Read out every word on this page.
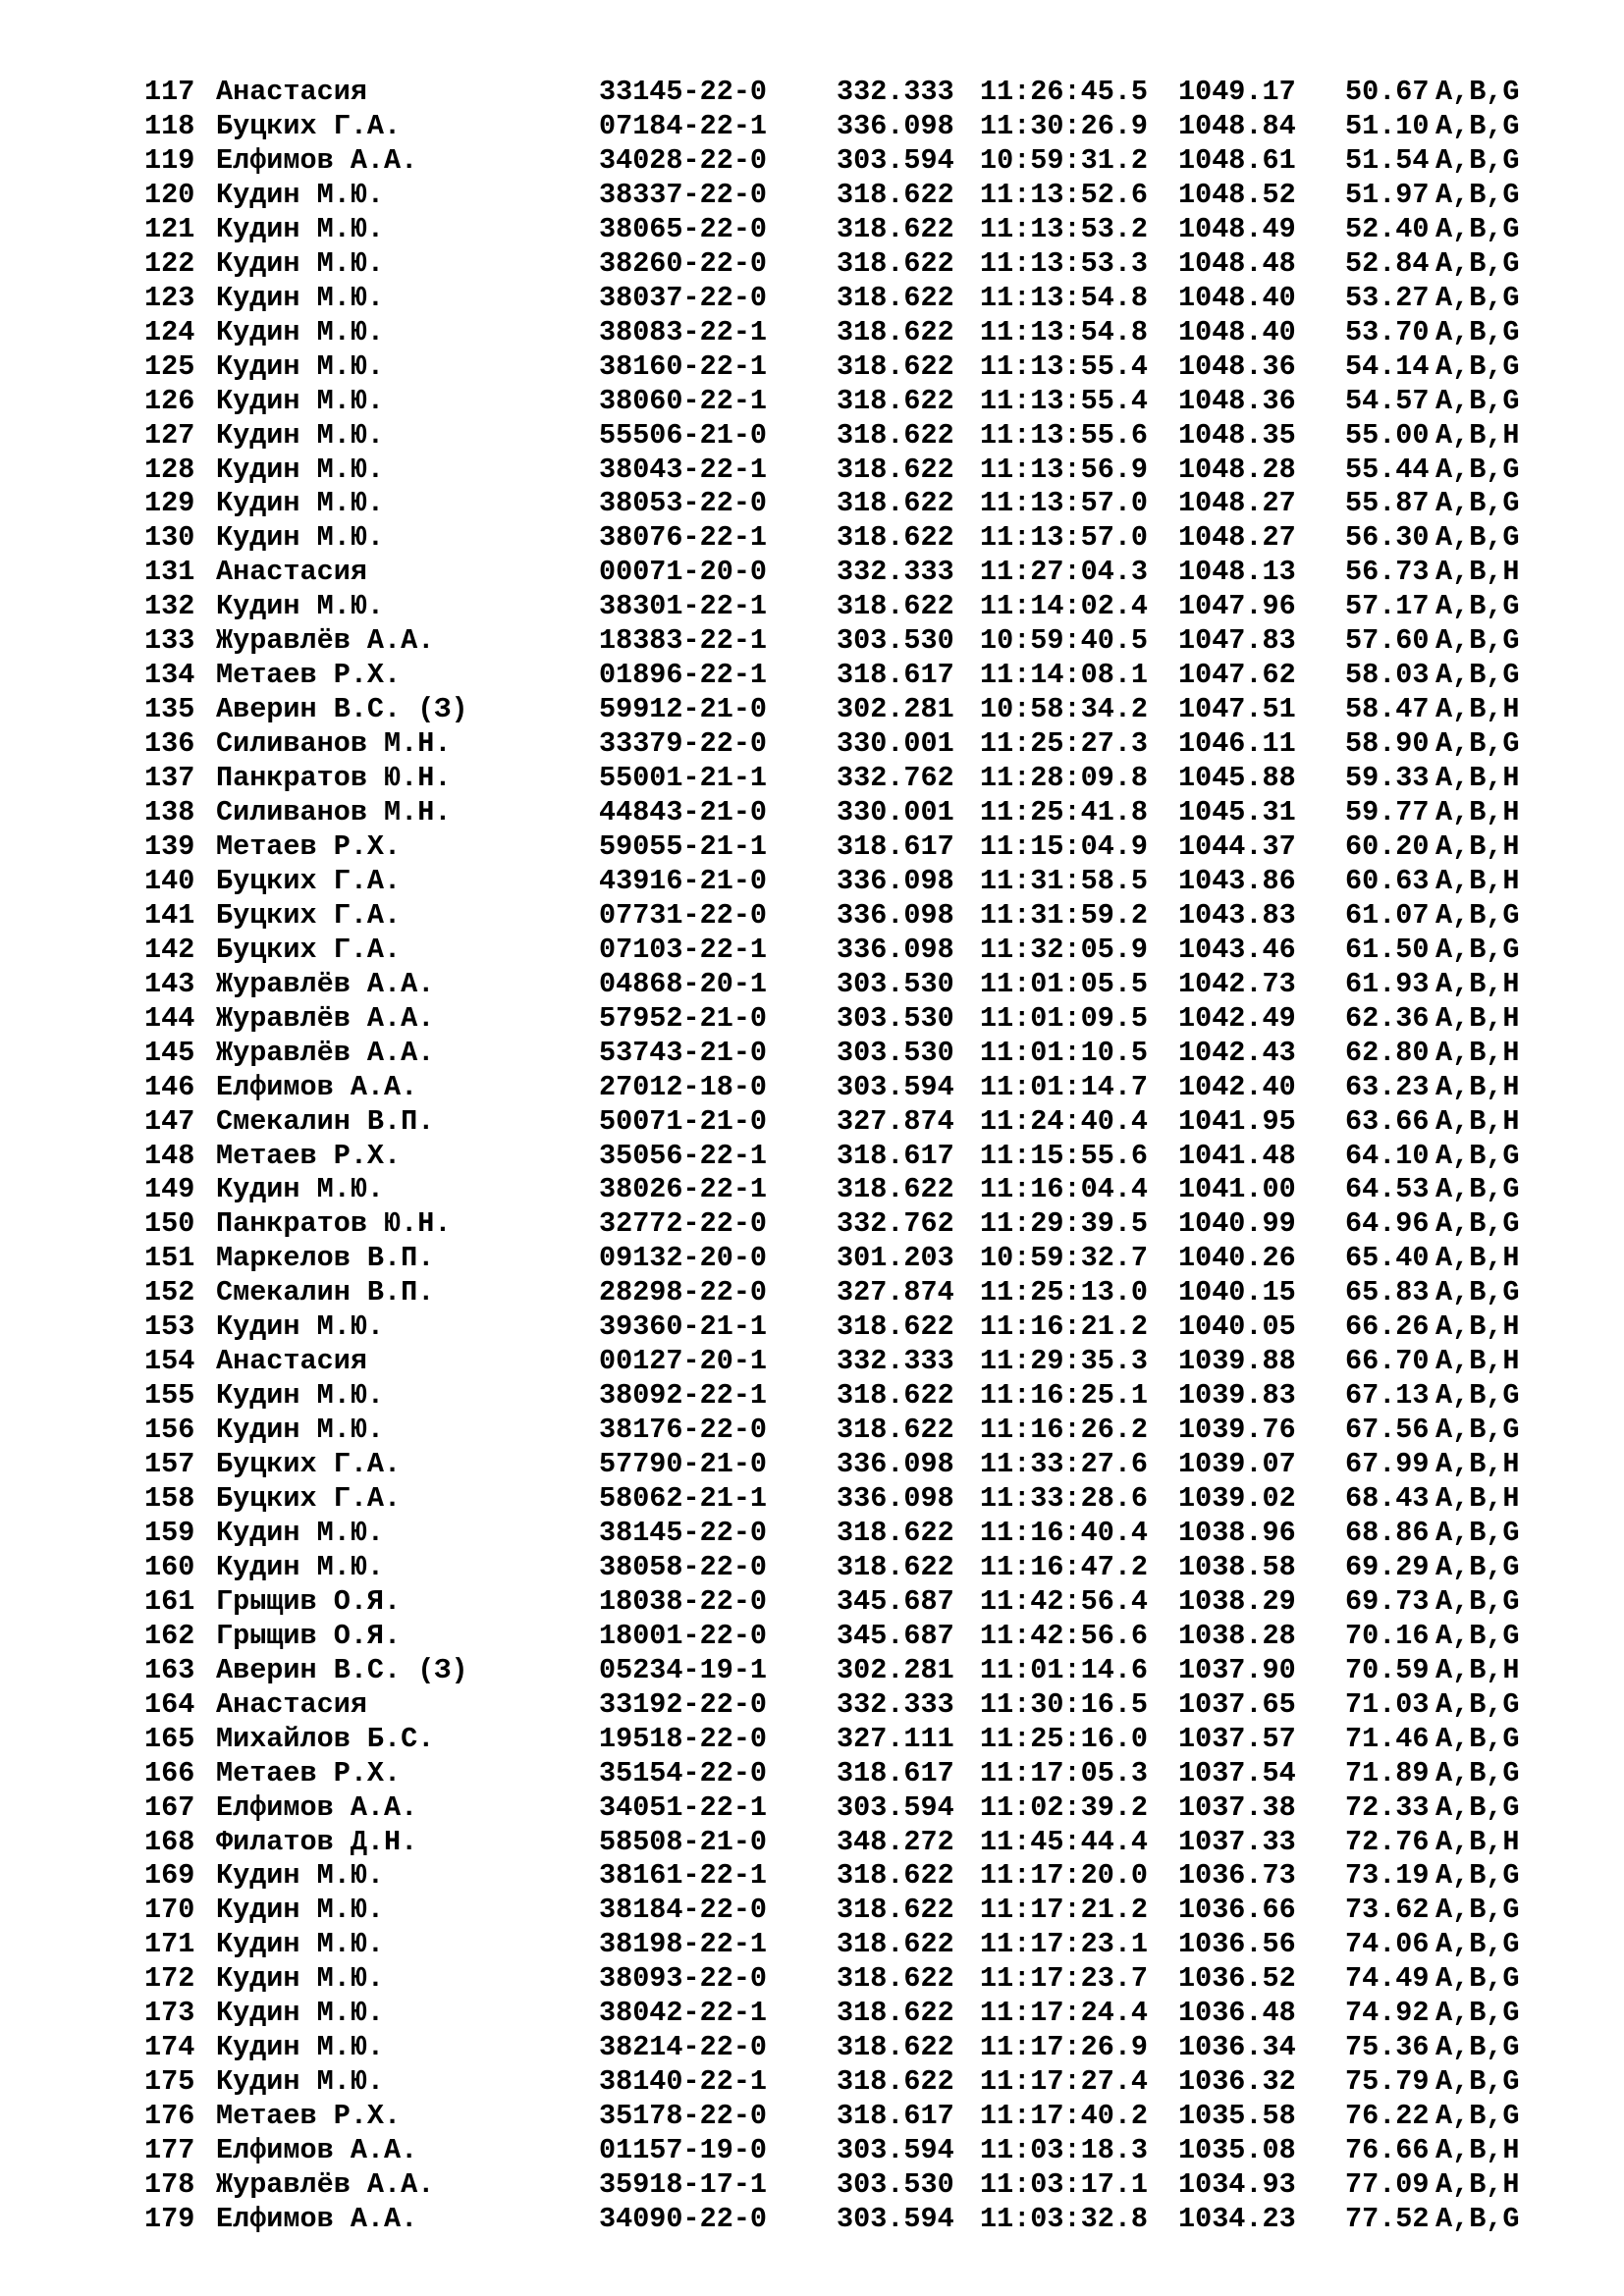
117 Анастасия	33145-22-0 332.333 11:26:45.5 1049.17 50.67 A,B,G
118 Буцких Г.А.	07184-22-1 336.098 11:30:26.9 1048.84 51.10 A,B,G
119 Елфимов А.А.	34028-22-0 303.594 10:59:31.2 1048.61 51.54 A,B,G
120 Кудин М.Ю.	38337-22-0 318.622 11:13:52.6 1048.52 51.97 A,B,G
121 Кудин М.Ю.	38065-22-0 318.622 11:13:53.2 1048.49 52.40 A,B,G
122 Кудин М.Ю.	38260-22-0 318.622 11:13:53.3 1048.48 52.84 A,B,G
123 Кудин М.Ю.	38037-22-0 318.622 11:13:54.8 1048.40 53.27 A,B,G
124 Кудин М.Ю.	38083-22-1 318.622 11:13:54.8 1048.40 53.70 A,B,G
125 Кудин М.Ю.	38160-22-1 318.622 11:13:55.4 1048.36 54.14 A,B,G
126 Кудин М.Ю.	38060-22-1 318.622 11:13:55.4 1048.36 54.57 A,B,G
127 Кудин М.Ю.	55506-21-0 318.622 11:13:55.6 1048.35 55.00 A,B,H
128 Кудин М.Ю.	38043-22-1 318.622 11:13:56.9 1048.28 55.44 A,B,G
129 Кудин М.Ю.	38053-22-0 318.622 11:13:57.0 1048.27 55.87 A,B,G
130 Кудин М.Ю.	38076-22-1 318.622 11:13:57.0 1048.27 56.30 A,B,G
131 Анастасия	00071-20-0 332.333 11:27:04.3 1048.13 56.73 A,B,H
132 Кудин М.Ю.	38301-22-1 318.622 11:14:02.4 1047.96 57.17 A,B,G
133 Журавлёв А.А.	18383-22-1 303.530 10:59:40.5 1047.83 57.60 A,B,G
134 Метаев Р.Х.	01896-22-1 318.617 11:14:08.1 1047.62 58.03 A,B,G
135 Аверин В.С. (З)	59912-21-0 302.281 10:58:34.2 1047.51 58.47 A,B,H
136 Силиванов М.Н.	33379-22-0 330.001 11:25:27.3 1046.11 58.90 A,B,G
137 Панкратов Ю.Н.	55001-21-1 332.762 11:28:09.8 1045.88 59.33 A,B,H
138 Силиванов М.Н.	44843-21-0 330.001 11:25:41.8 1045.31 59.77 A,B,H
139 Метаев Р.Х.	59055-21-1 318.617 11:15:04.9 1044.37 60.20 A,B,H
140 Буцких Г.А.	43916-21-0 336.098 11:31:58.5 1043.86 60.63 A,B,H
141 Буцких Г.А.	07731-22-0 336.098 11:31:59.2 1043.83 61.07 A,B,G
142 Буцких Г.А.	07103-22-1 336.098 11:32:05.9 1043.46 61.50 A,B,G
143 Журавлёв А.А.	04868-20-1 303.530 11:01:05.5 1042.73 61.93 A,B,H
144 Журавлёв А.А.	57952-21-0 303.530 11:01:09.5 1042.49 62.36 A,B,H
145 Журавлёв А.А.	53743-21-0 303.530 11:01:10.5 1042.43 62.80 A,B,H
146 Елфимов А.А.	27012-18-0 303.594 11:01:14.7 1042.40 63.23 A,B,H
147 Смекалин В.П.	50071-21-0 327.874 11:24:40.4 1041.95 63.66 A,B,H
148 Метаев Р.Х.	35056-22-1 318.617 11:15:55.6 1041.48 64.10 A,B,G
149 Кудин М.Ю.	38026-22-1 318.622 11:16:04.4 1041.00 64.53 A,B,G
150 Панкратов Ю.Н.	32772-22-0 332.762 11:29:39.5 1040.99 64.96 A,B,G
151 Маркелов В.П.	09132-20-0 301.203 10:59:32.7 1040.26 65.40 A,B,H
152 Смекалин В.П.	28298-22-0 327.874 11:25:13.0 1040.15 65.83 A,B,G
153 Кудин М.Ю.	39360-21-1 318.622 11:16:21.2 1040.05 66.26 A,B,H
154 Анастасия	00127-20-1 332.333 11:29:35.3 1039.88 66.70 A,B,H
155 Кудин М.Ю.	38092-22-1 318.622 11:16:25.1 1039.83 67.13 A,B,G
156 Кудин М.Ю.	38176-22-0 318.622 11:16:26.2 1039.76 67.56 A,B,G
157 Буцких Г.А.	57790-21-0 336.098 11:33:27.6 1039.07 67.99 A,B,H
158 Буцких Г.А.	58062-21-1 336.098 11:33:28.6 1039.02 68.43 A,B,H
159 Кудин М.Ю.	38145-22-0 318.622 11:16:40.4 1038.96 68.86 A,B,G
160 Кудин М.Ю.	38058-22-0 318.622 11:16:47.2 1038.58 69.29 A,B,G
161 Грыщив О.Я.	18038-22-0 345.687 11:42:56.4 1038.29 69.73 A,B,G
162 Грыщив О.Я.	18001-22-0 345.687 11:42:56.6 1038.28 70.16 A,B,G
163 Аверин В.С. (З)	05234-19-1 302.281 11:01:14.6 1037.90 70.59 A,B,H
164 Анастасия	33192-22-0 332.333 11:30:16.5 1037.65 71.03 A,B,G
165 Михайлов Б.С.	19518-22-0 327.111 11:25:16.0 1037.57 71.46 A,B,G
166 Метаев Р.Х.	35154-22-0 318.617 11:17:05.3 1037.54 71.89 A,B,G
167 Елфимов А.А.	34051-22-1 303.594 11:02:39.2 1037.38 72.33 A,B,G
168 Филатов Д.Н.	58508-21-0 348.272 11:45:44.4 1037.33 72.76 A,B,H
169 Кудин М.Ю.	38161-22-1 318.622 11:17:20.0 1036.73 73.19 A,B,G
170 Кудин М.Ю.	38184-22-0 318.622 11:17:21.2 1036.66 73.62 A,B,G
171 Кудин М.Ю.	38198-22-1 318.622 11:17:23.1 1036.56 74.06 A,B,G
172 Кудин М.Ю.	38093-22-0 318.622 11:17:23.7 1036.52 74.49 A,B,G
173 Кудин М.Ю.	38042-22-1 318.622 11:17:24.4 1036.48 74.92 A,B,G
174 Кудин М.Ю.	38214-22-0 318.622 11:17:26.9 1036.34 75.36 A,B,G
175 Кудин М.Ю.	38140-22-1 318.622 11:17:27.4 1036.32 75.79 A,B,G
176 Метаев Р.Х.	35178-22-0 318.617 11:17:40.2 1035.58 76.22 A,B,G
177 Елфимов А.А.	01157-19-0 303.594 11:03:18.3 1035.08 76.66 A,B,H
178 Журавлёв А.А.	35918-17-1 303.530 11:03:17.1 1034.93 77.09 A,B,H
179 Елфимов А.А.	34090-22-0 303.594 11:03:32.8 1034.23 77.52 A,B,G
